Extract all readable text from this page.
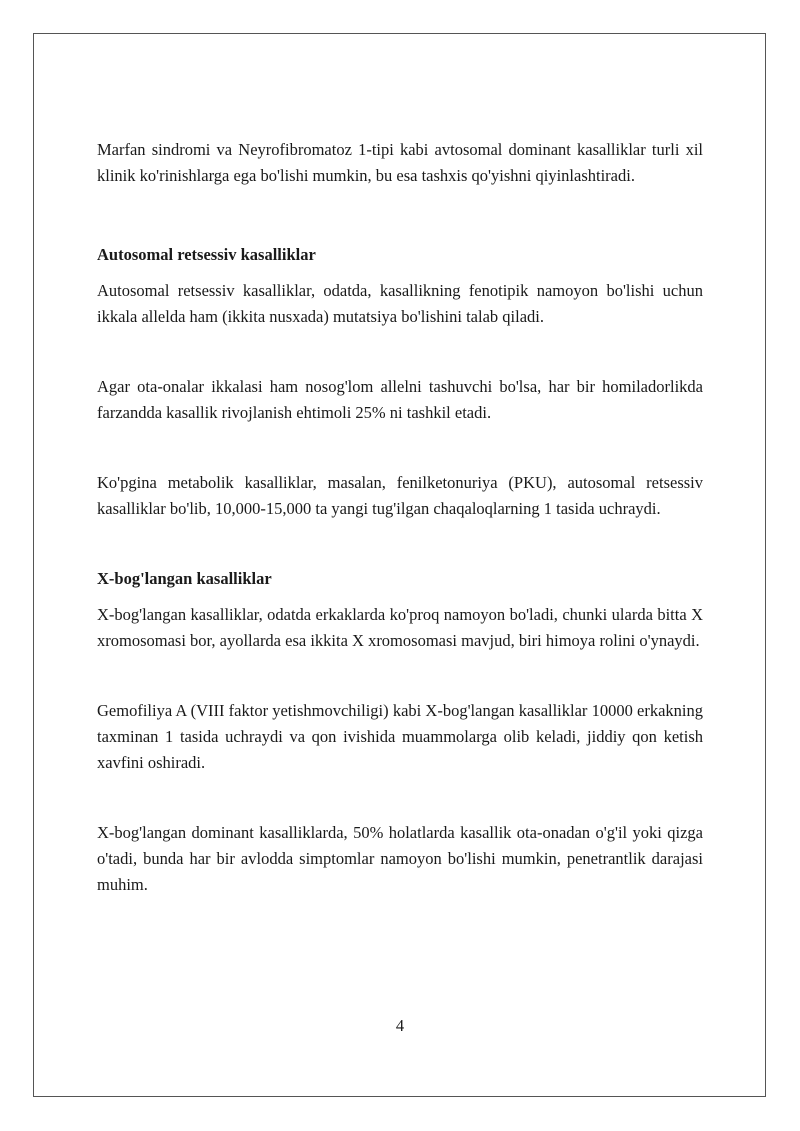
Marfan sindromi va Neyrofibromatoz 1-tipi kabi avtosomal dominant kasalliklar turli xil klinik ko'rinishlarga ega bo'lishi mumkin, bu esa tashxis qo'yishni qiyinlashtiradi.

Autosomal retsessiv kasalliklar

Autosomal retsessiv kasalliklar, odatda, kasallikning fenotipik namoyon bo'lishi uchun ikkala allelda ham (ikkita nusxada) mutatsiya bo'lishini talab qiladi.

Agar ota-onalar ikkalasi ham nosog'lom allelni tashuvchi bo'lsa, har bir homiladorlikda farzandda kasallik rivojlanish ehtimoli 25% ni tashkil etadi.

Ko'pgina metabolik kasalliklar, masalan, fenilketonuriya (PKU), autosomal retsessiv kasalliklar bo'lib, 10,000-15,000 ta yangi tug'ilgan chaqaloqlarning 1 tasida uchraydi.

X-bog'langan kasalliklar

X-bog'langan kasalliklar, odatda erkaklarda ko'proq namoyon bo'ladi, chunki ularda bitta X xromosomasi bor, ayollarda esa ikkita X xromosomasi mavjud, biri himoya rolini o'ynaydi.

Gemofiliya A (VIII faktor yetishmovchiligi) kabi X-bog'langan kasalliklar 10000 erkakning taxminan 1 tasida uchraydi va qon ivishida muammolarga olib keladi, jiddiy qon ketish xavfini oshiradi.

X-bog'langan dominant kasalliklarda, 50% holatlarda kasallik ota-onadan o'g'il yoki qizga o'tadi, bunda har bir avlodda simptomlar namoyon bo'lishi mumkin, penetrantlik darajasi muhim.

4
